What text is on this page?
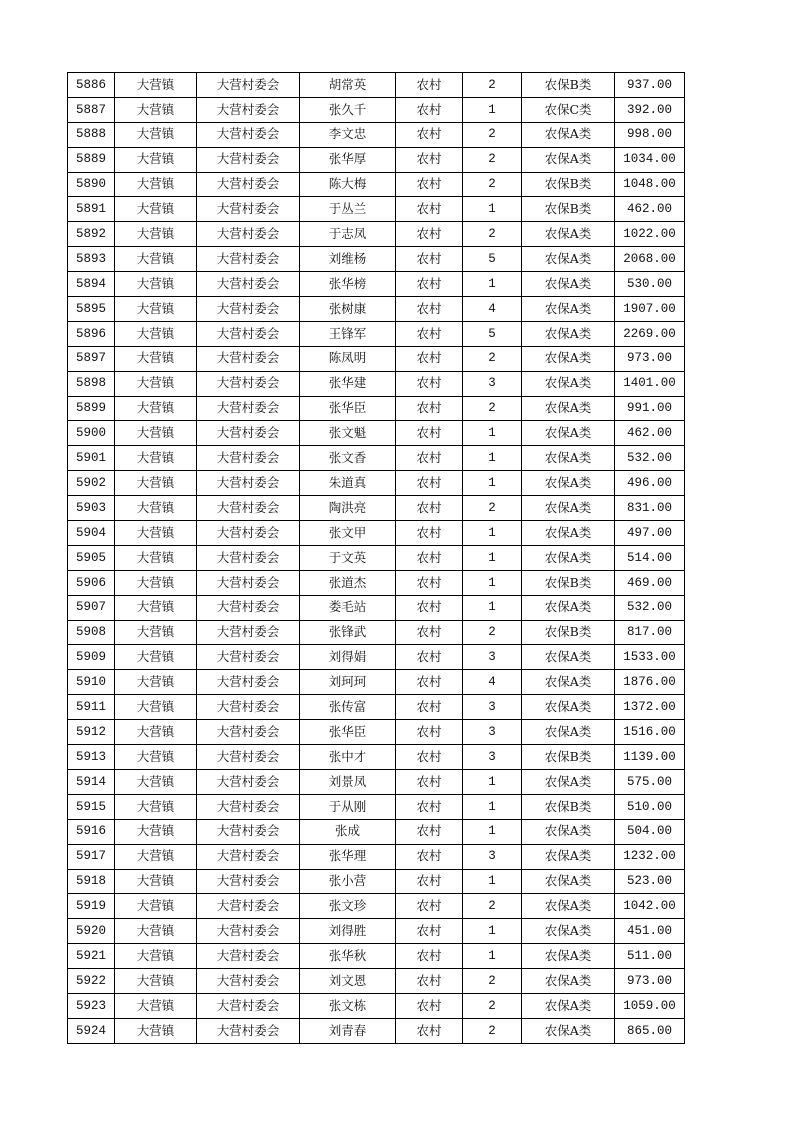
5886	大营镇	大营村委会	胡常英	农村	2	农保B类	937.00
5887	大营镇	大营村委会	张久千	农村	1	农保C类	392.00
5888	大营镇	大营村委会	李文忠	农村	2	农保A类	998.00
5889	大营镇	大营村委会	张华厚	农村	2	农保A类	1034.00
5890	大营镇	大营村委会	陈大梅	农村	2	农保B类	1048.00
5891	大营镇	大营村委会	于丛兰	农村	1	农保B类	462.00
5892	大营镇	大营村委会	于志凤	农村	2	农保A类	1022.00
5893	大营镇	大营村委会	刘维杨	农村	5	农保A类	2068.00
5894	大营镇	大营村委会	张华榜	农村	1	农保A类	530.00
5895	大营镇	大营村委会	张树康	农村	4	农保A类	1907.00
5896	大营镇	大营村委会	王锋军	农村	5	农保A类	2269.00
5897	大营镇	大营村委会	陈凤明	农村	2	农保A类	973.00
5898	大营镇	大营村委会	张华建	农村	3	农保A类	1401.00
5899	大营镇	大营村委会	张华臣	农村	2	农保A类	991.00
5900	大营镇	大营村委会	张文魁	农村	1	农保A类	462.00
5901	大营镇	大营村委会	张文香	农村	1	农保A类	532.00
5902	大营镇	大营村委会	朱道真	农村	1	农保A类	496.00
5903	大营镇	大营村委会	陶洪亮	农村	2	农保A类	831.00
5904	大营镇	大营村委会	张文甲	农村	1	农保A类	497.00
5905	大营镇	大营村委会	于文英	农村	1	农保A类	514.00
5906	大营镇	大营村委会	张道杰	农村	1	农保B类	469.00
5907	大营镇	大营村委会	娄毛站	农村	1	农保A类	532.00
5908	大营镇	大营村委会	张锋武	农村	2	农保B类	817.00
5909	大营镇	大营村委会	刘得娟	农村	3	农保A类	1533.00
5910	大营镇	大营村委会	刘珂珂	农村	4	农保A类	1876.00
5911	大营镇	大营村委会	张传富	农村	3	农保A类	1372.00
5912	大营镇	大营村委会	张华臣	农村	3	农保A类	1516.00
5913	大营镇	大营村委会	张中才	农村	3	农保B类	1139.00
5914	大营镇	大营村委会	刘景凤	农村	1	农保A类	575.00
5915	大营镇	大营村委会	于从刚	农村	1	农保B类	510.00
5916	大营镇	大营村委会	张成	农村	1	农保A类	504.00
5917	大营镇	大营村委会	张华理	农村	3	农保A类	1232.00
5918	大营镇	大营村委会	张小营	农村	1	农保A类	523.00
5919	大营镇	大营村委会	张文珍	农村	2	农保A类	1042.00
5920	大营镇	大营村委会	刘得胜	农村	1	农保A类	451.00
5921	大营镇	大营村委会	张华秋	农村	1	农保A类	511.00
5922	大营镇	大营村委会	刘文恩	农村	2	农保A类	973.00
5923	大营镇	大营村委会	张文栋	农村	2	农保A类	1059.00
5924	大营镇	大营村委会	刘青春	农村	2	农保A类	865.00
